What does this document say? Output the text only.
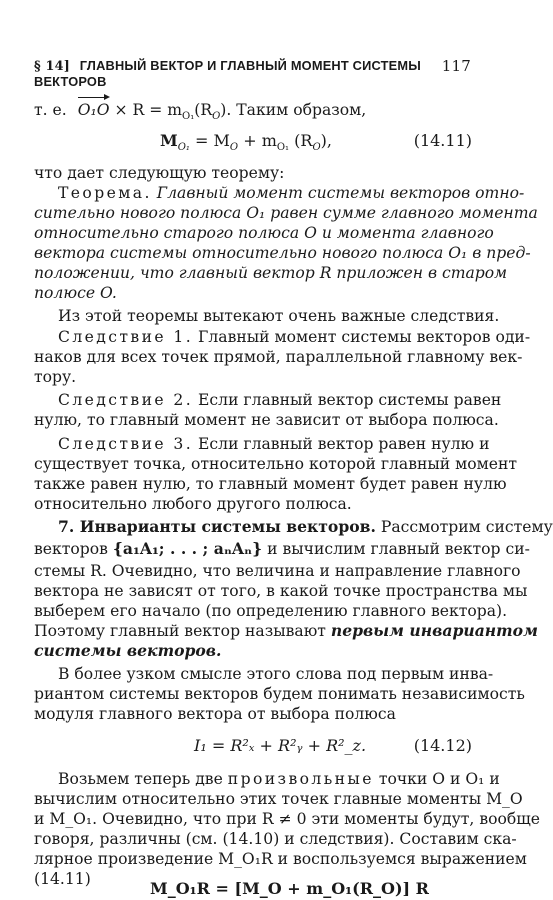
§ 14] ГЛАВНЫЙ ВЕКТОР И ГЛАВНЫЙ МОМЕНТ СИСТЕМЫ ВЕКТОРОВ
117
т. е. $O_1O \times R = m_{O_1}(R_O)$. Таким образом,
$M_{O_1} = M_O + m_{O_1}$ $(R_O)$,	(14.11)
что дает следующую теорему:
Теорема. Главный момент системы векторов отно-
сительно нового полюса O₁ равен сумме главного момента
относительно старого полюса O и момента главного
вектора системы относительно нового полюса O₁ в пред-
положении, что главный вектор R приложен в старом
полюсе O.
Из этой теоремы вытекают очень важные следствия.
Следствие 1. Главный момент системы векторов оди-
наков для всех точек прямой, параллельной главному век-
тору.
Следствие 2. Если главный вектор системы равен
нулю, то главный момент не зависит от выбора полюса.
Следствие 3. Если главный вектор равен нулю и
существует точка, относительно которой главный момент
также равен нулю, то главный момент будет равен нулю
относительно любого другого полюса.
7. Инварианты системы векторов. Рассмотрим систему
векторов {a₁A₁; . . . ; aₙAₙ} и вычислим главный вектор си-
стемы R. Очевидно, что величина и направление главного
вектора не зависят от того, в какой точке пространства мы
выберем его начало (по определению главного вектора).
Поэтому главный вектор называют первым инвариантом
системы векторов.
В более узком смысле этого слова под первым инва-
риантом системы векторов будем понимать независимость
модуля главного вектора от выбора полюса
I₁ = R²ₓ + R²ᵧ + R²_z.	(14.12)
Возьмем теперь две произвольные точки O и O₁ и
вычислим относительно этих точек главные моменты M_O
и M_O₁. Очевидно, что при R ≠ 0 эти моменты будут, вообще
говоря, различны (см. (14.10) и следствия). Составим ска-
лярное произведение M_O₁R и воспользуемся выражением
(14.11)	M_O₁R = [M_O + m_O₁(R_O)] R
